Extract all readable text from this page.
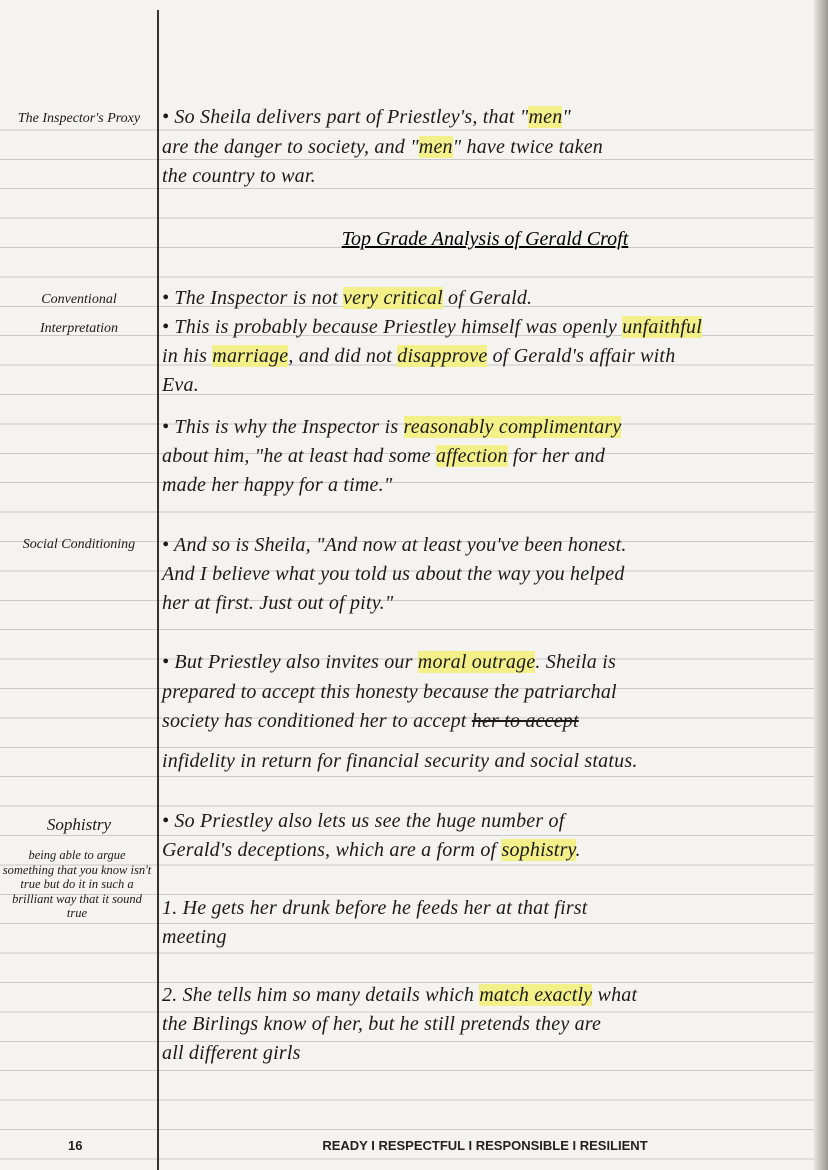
The Inspector's Proxy
Conventional Interpretation
Social Conditioning
Sophistry
being able to argue something that you know isn't true but do it in such a brilliant way that it sound true
Top Grade Analysis of Gerald Croft
• So Sheila delivers part of Priestley's, that "men"
are the danger to society, and "men" have twice taken
the country to war.
• The Inspector is not very critical of Gerald.
• This is probably because Priestley himself was openly unfaithful
in his marriage, and did not disapprove of Gerald's affair with
Eva.
• This is why the Inspector is reasonably complimentary
about him, "he at least had some affection for her and
made her happy for a time."
• And so is Sheila, "And now at least you've been honest.
And I believe what you told us about the way you helped
her at first. Just out of pity."
• But Priestley also invites our moral outrage. Sheila is
prepared to accept this honesty because the patriarchal
society has conditioned her to accept her to accept
infidelity in return for financial security and social status.
• So Priestley also lets us see the huge number of
Gerald's deceptions, which are a form of sophistry.
1. He gets her drunk before he feeds her at that first
meeting
2. She tells him so many details which match exactly what
the Birlings know of her, but he still pretends they are
all different girls
16	READY I RESPECTFUL I RESPONSIBLE I RESILIENT
